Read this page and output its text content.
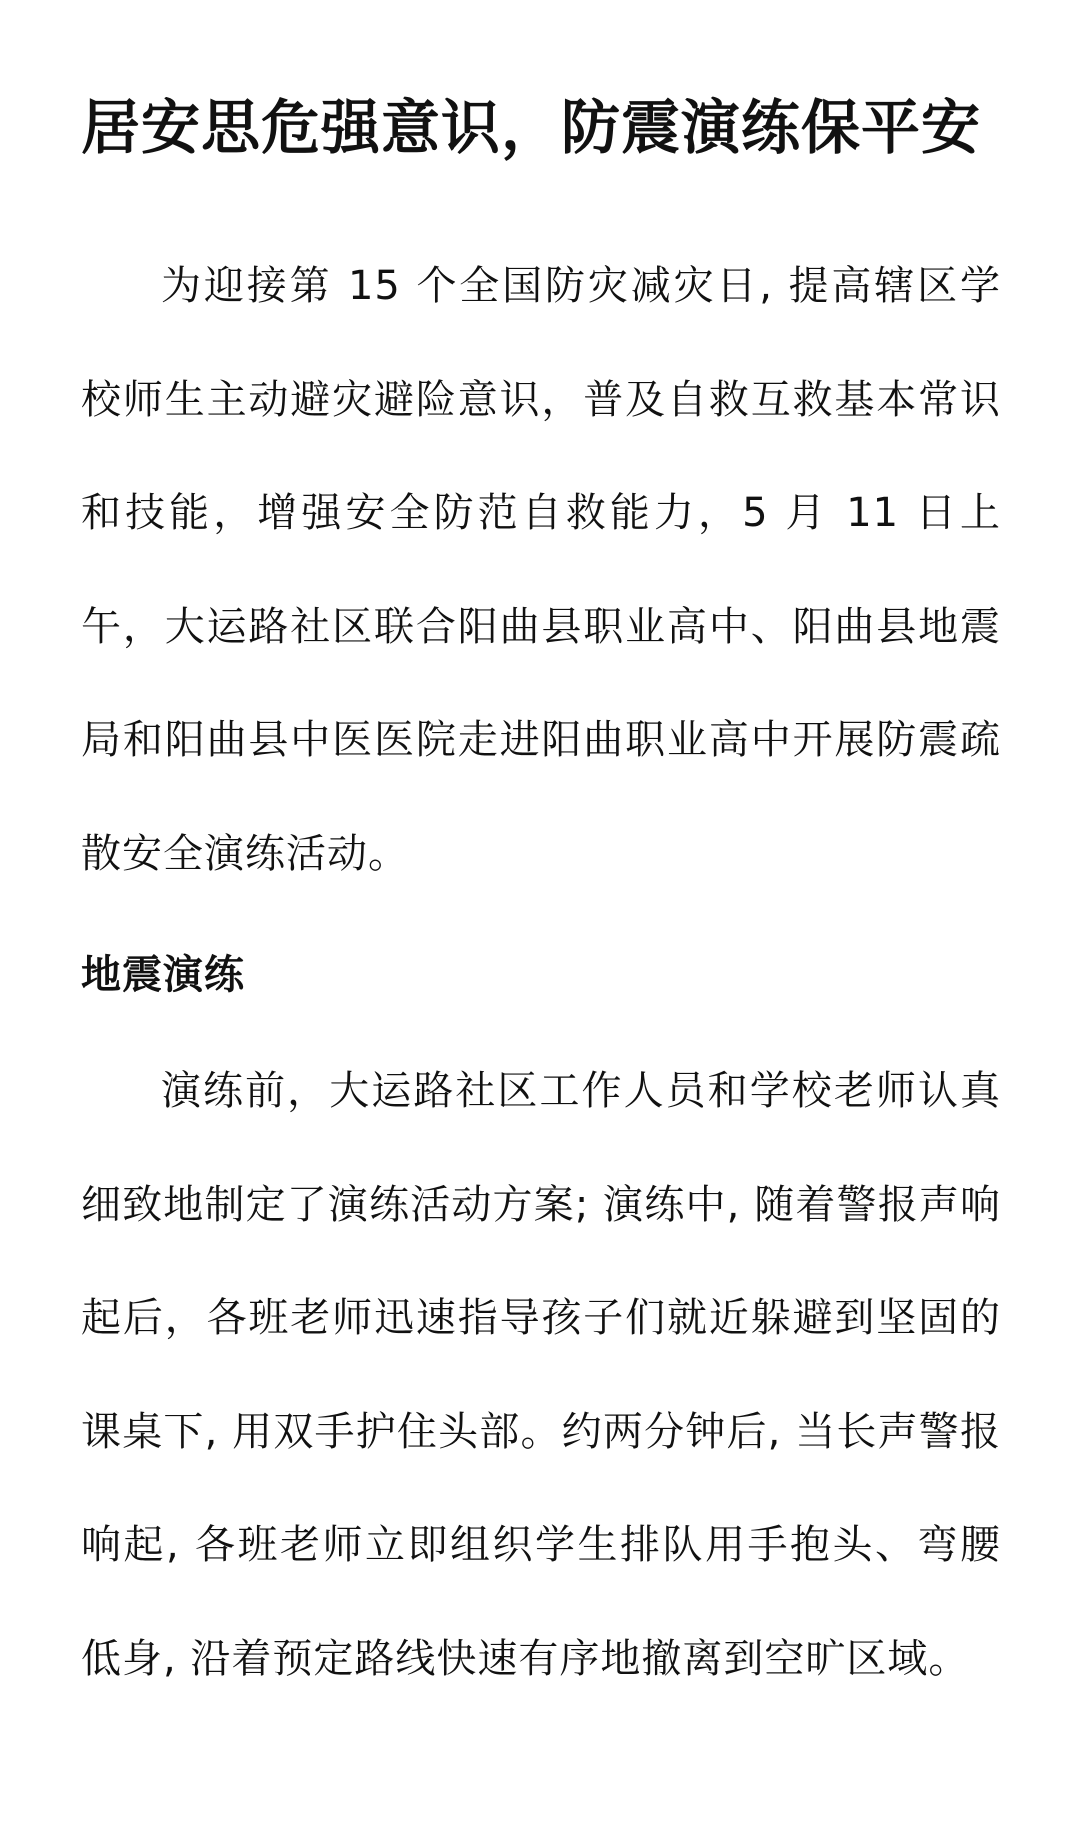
居安思危强意识，防震演练保平安

为迎接第 15 个全国防灾减灾日, 提高辖区学校师生主动避灾避险意识，普及自救互救基本常识和技能，增强安全防范自救能力，5 月 11 日上午，大运路社区联合阳曲县职业高中、阳曲县地震局和阳曲县中医医院走进阳曲职业高中开展防震疏散安全演练活动。

地震演练

演练前，大运路社区工作人员和学校老师认真细致地制定了演练活动方案; 演练中, 随着警报声响起后，各班老师迅速指导孩子们就近躲避到坚固的课桌下, 用双手护住头部。约两分钟后, 当长声警报响起, 各班老师立即组织学生排队用手抱头、弯腰低身, 沿着预定路线快速有序地撤离到空旷区域。
